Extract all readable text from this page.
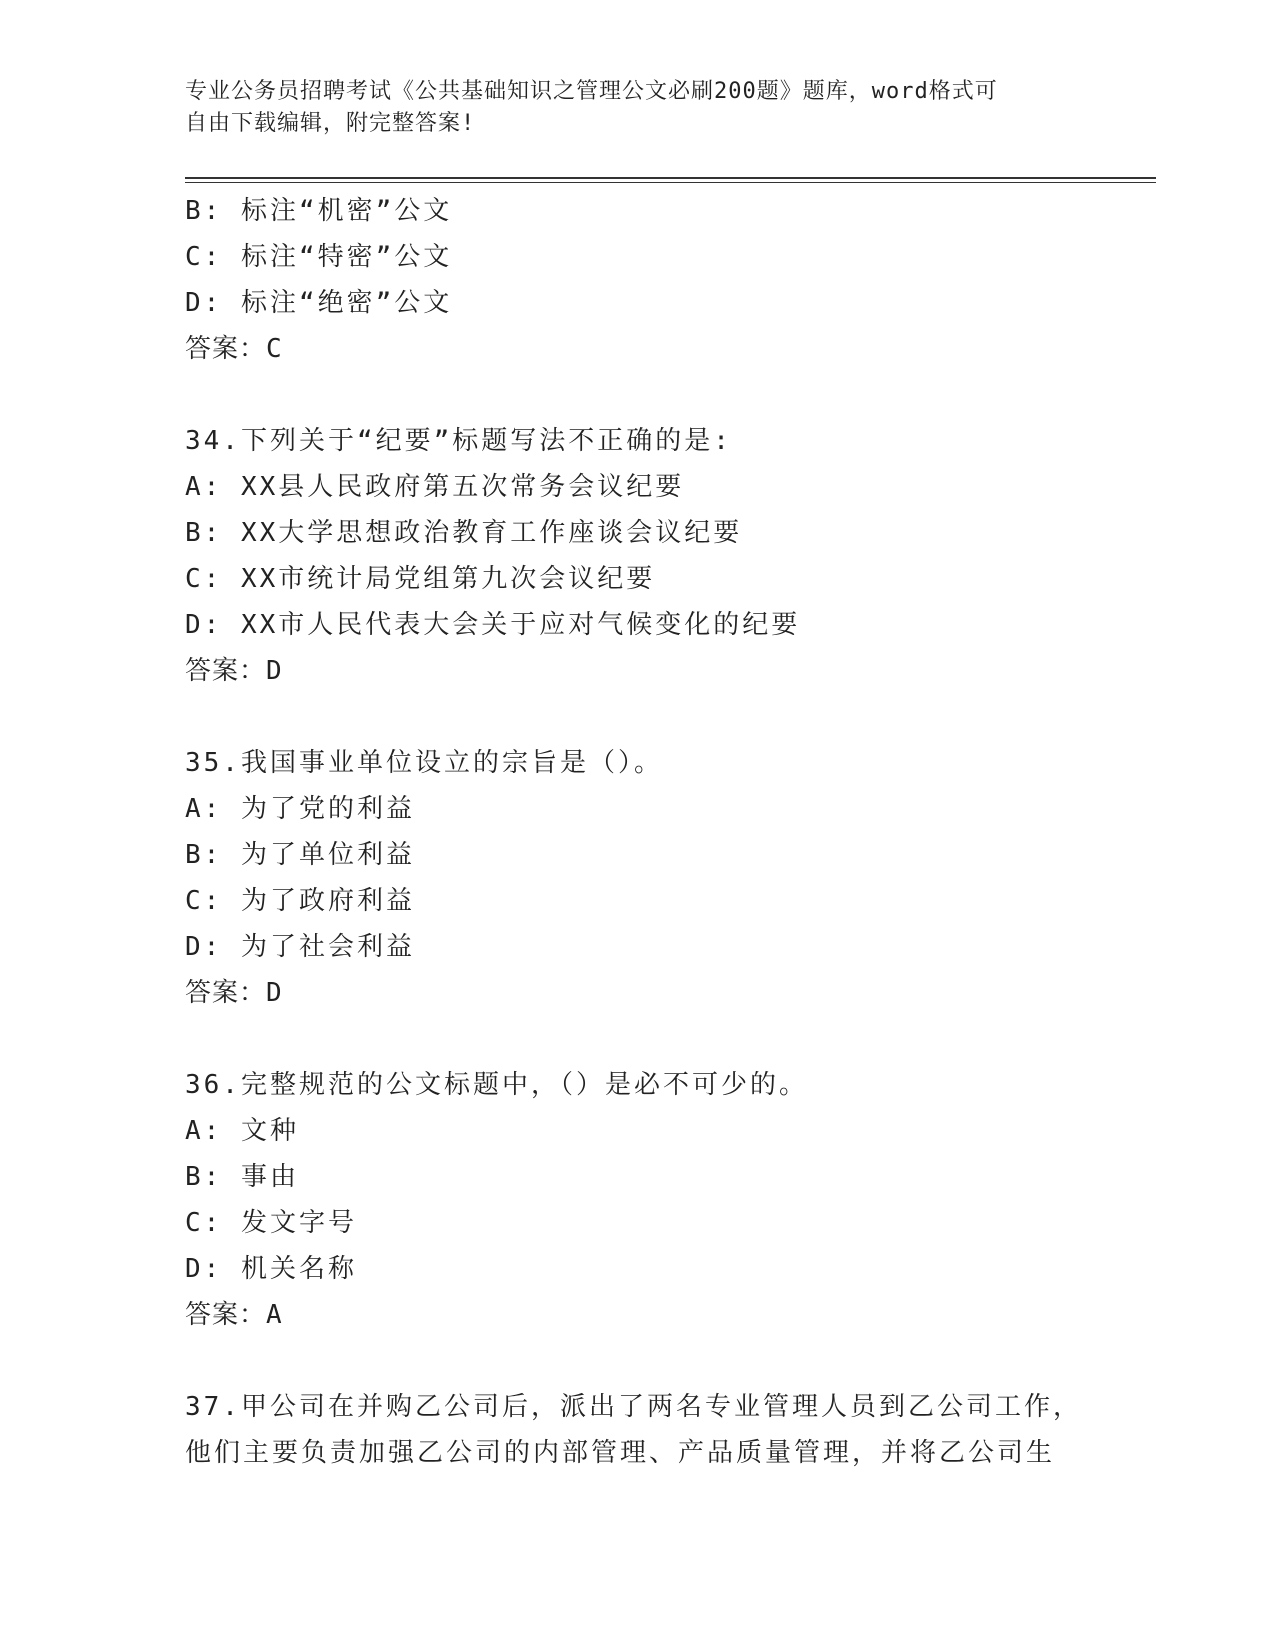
专业公务员招聘考试《公共基础知识之管理公文必刷200题》题库，word格式可
自由下载编辑，附完整答案!
B: 标注“机密”公文
C: 标注“特密”公文
D: 标注“绝密”公文
答案：C
34.下列关于“纪要”标题写法不正确的是:
A: XX县人民政府第五次常务会议纪要
B: XX大学思想政治教育工作座谈会议纪要
C: XX市统计局党组第九次会议纪要
D: XX市人民代表大会关于应对气候变化的纪要
答案：D
35.我国事业单位设立的宗旨是（）。
A: 为了党的利益
B: 为了单位利益
C: 为了政府利益
D: 为了社会利益
答案：D
36.完整规范的公文标题中，（）是必不可少的。
A: 文种
B: 事由
C: 发文字号
D: 机关名称
答案：A
37.甲公司在并购乙公司后，派出了两名专业管理人员到乙公司工作，
他们主要负责加强乙公司的内部管理、产品质量管理，并将乙公司生
